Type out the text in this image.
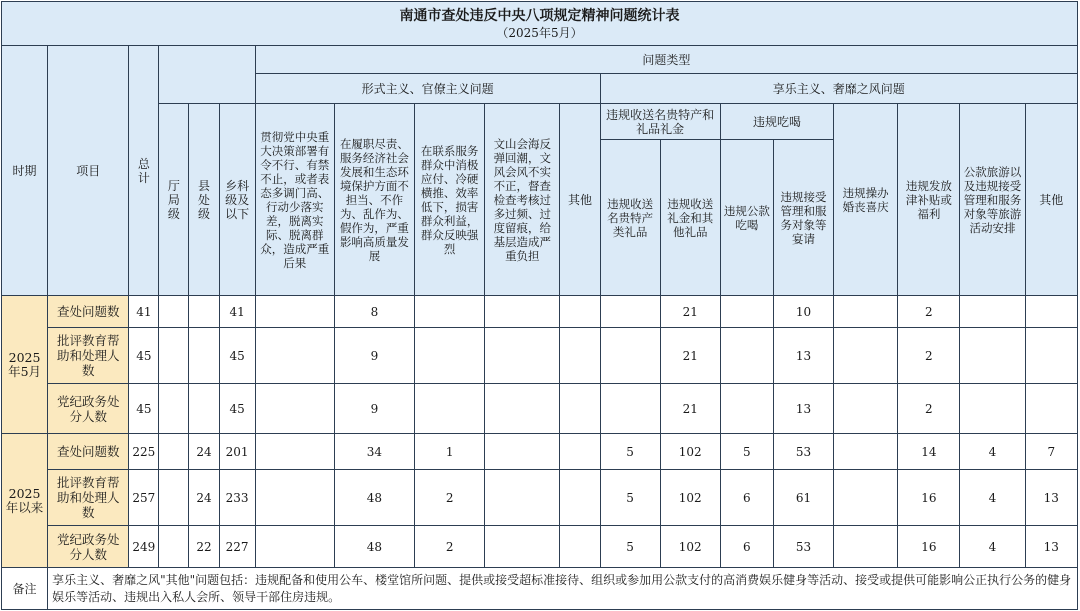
南通市查处违反中央八项规定精神问题统计表
（2025年5月）																		

时期	项目	总计				问题类型												
						形式主义、官僚主义问题					享乐主义、奢靡之风问题							
			厅局级	县处级	乡科级及以下	贯彻党中央重大决策部署有令不行、有禁不止，或者表态多调门高、行动少落实差，脱离实际、脱离群众，造成严重后果	在履职尽责、服务经济社会发展和生态环境保护方面不担当、不作为、乱作为、假作为，严重影响高质量发展	在联系服务群众中消极应付、冷硬横推、效率低下，损害群众利益，群众反映强烈	文山会海反弹回潮，文风会风不实不正，督查检查考核过多过频、过度留痕，给基层造成严重负担	其他	违规收送名贵特产和礼品礼金		违规吃喝		违规操办婚丧喜庆	违规发放津补贴或福利	公款旅游以及违规接受管理和服务对象等旅游活动安排	其他
											违规收送名贵特产类礼品	违规收送礼金和其他礼品	违规公款吃喝	违规接受管理和服务对象等宴请				

2025年5月	查处问题数	41			41		8					21		10		2		
	批评教育帮助和处理人数	45			45		9					21		13		2		
	党纪政务处分人数	45			45		9					21		13		2		
2025年以来	查处问题数	225		24	201		34	1			5	102	5	53		14	4	7
	批评教育帮助和处理人数	257		24	233		48	2			5	102	6	61		16	4	13
	党纪政务处分人数	249		22	227		48	2			5	102	6	53		16	4	13
备注	享乐主义、奢靡之风"其他"问题包括：违规配备和使用公车、楼堂馆所问题、提供或接受超标准接待、组织或参加用公款支付的高消费娱乐健身等活动、接受或提供可能影响公正执行公务的健身娱乐等活动、违规出入私人会所、领导干部住房违规。																	
